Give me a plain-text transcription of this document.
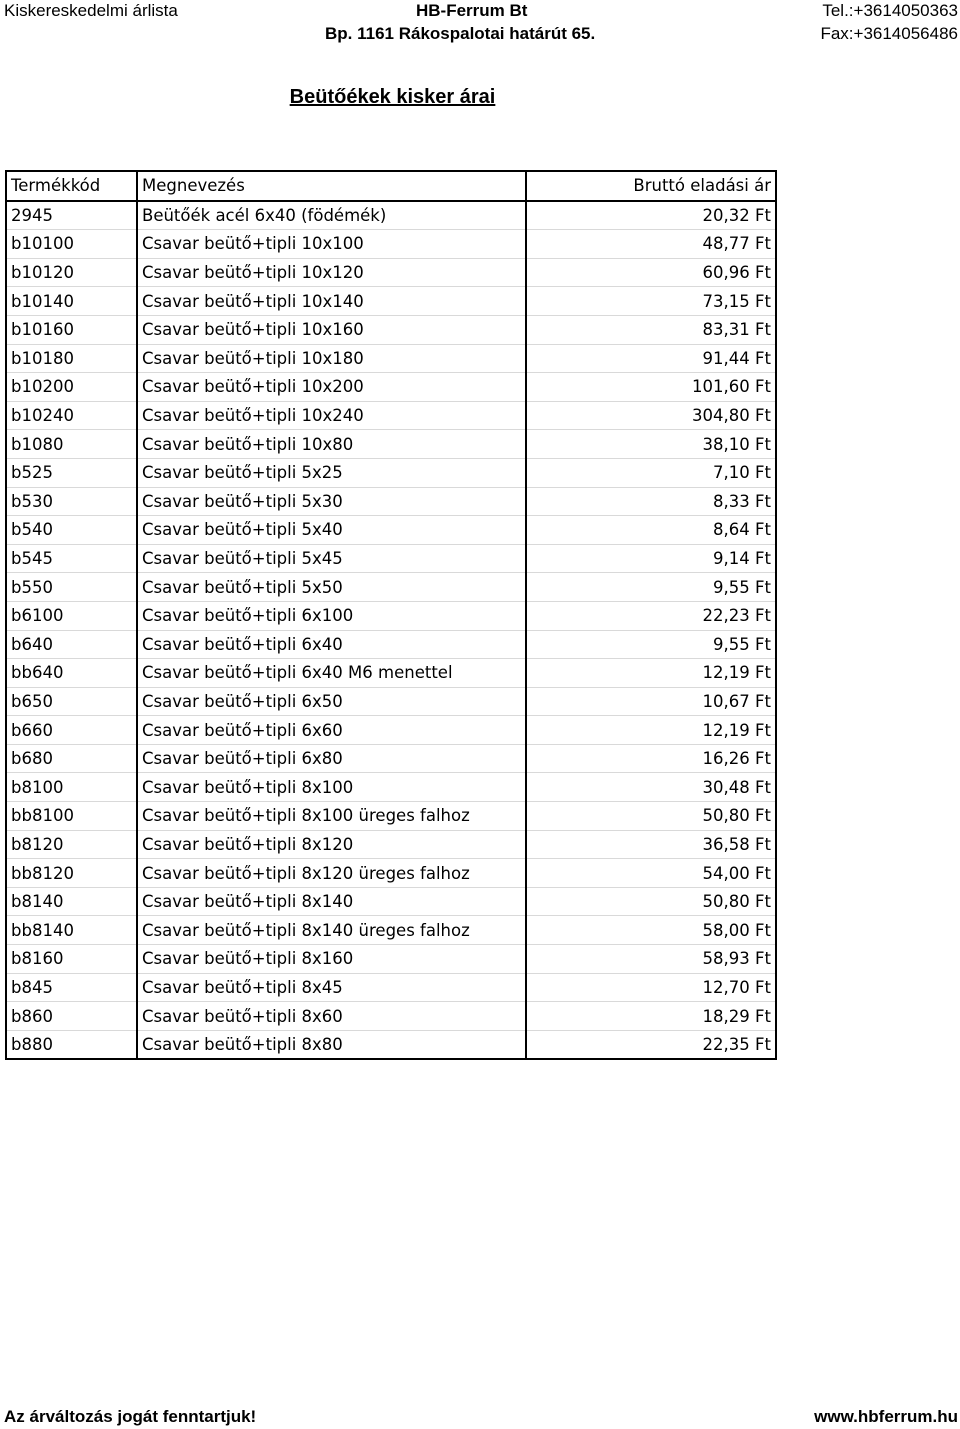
Kiskereskedelmi árlista	HB-Ferrum Bt
Bp. 1161 Rákospalotai határút 65.
Tel.:+3614050363
Fax:+3614056486
Beütőékek kisker árai
Termékkód	Megnevezés	Bruttó eladási ár
2945	Beütőék acél 6x40 (födémék)	20,32 Ft
b10100	Csavar beütő+tipli 10x100	48,77 Ft
b10120	Csavar beütő+tipli 10x120	60,96 Ft
b10140	Csavar beütő+tipli 10x140	73,15 Ft
b10160	Csavar beütő+tipli 10x160	83,31 Ft
b10180	Csavar beütő+tipli 10x180	91,44 Ft
b10200	Csavar beütő+tipli 10x200	101,60 Ft
b10240	Csavar beütő+tipli 10x240	304,80 Ft
b1080	Csavar beütő+tipli 10x80	38,10 Ft
b525	Csavar beütő+tipli 5x25	7,10 Ft
b530	Csavar beütő+tipli 5x30	8,33 Ft
b540	Csavar beütő+tipli 5x40	8,64 Ft
b545	Csavar beütő+tipli 5x45	9,14 Ft
b550	Csavar beütő+tipli 5x50	9,55 Ft
b6100	Csavar beütő+tipli 6x100	22,23 Ft
b640	Csavar beütő+tipli 6x40	9,55 Ft
bb640	Csavar beütő+tipli 6x40 M6 menettel	12,19 Ft
b650	Csavar beütő+tipli 6x50	10,67 Ft
b660	Csavar beütő+tipli 6x60	12,19 Ft
b680	Csavar beütő+tipli 6x80	16,26 Ft
b8100	Csavar beütő+tipli 8x100	30,48 Ft
bb8100	Csavar beütő+tipli 8x100 üreges falhoz	50,80 Ft
b8120	Csavar beütő+tipli 8x120	36,58 Ft
bb8120	Csavar beütő+tipli 8x120 üreges falhoz	54,00 Ft
b8140	Csavar beütő+tipli 8x140	50,80 Ft
bb8140	Csavar beütő+tipli 8x140 üreges falhoz	58,00 Ft
b8160	Csavar beütő+tipli 8x160	58,93 Ft
b845	Csavar beütő+tipli 8x45	12,70 Ft
b860	Csavar beütő+tipli 8x60	18,29 Ft
b880	Csavar beütő+tipli 8x80	22,35 Ft
Az árváltozás jogát fenntartjuk!	www.hbferrum.hu
